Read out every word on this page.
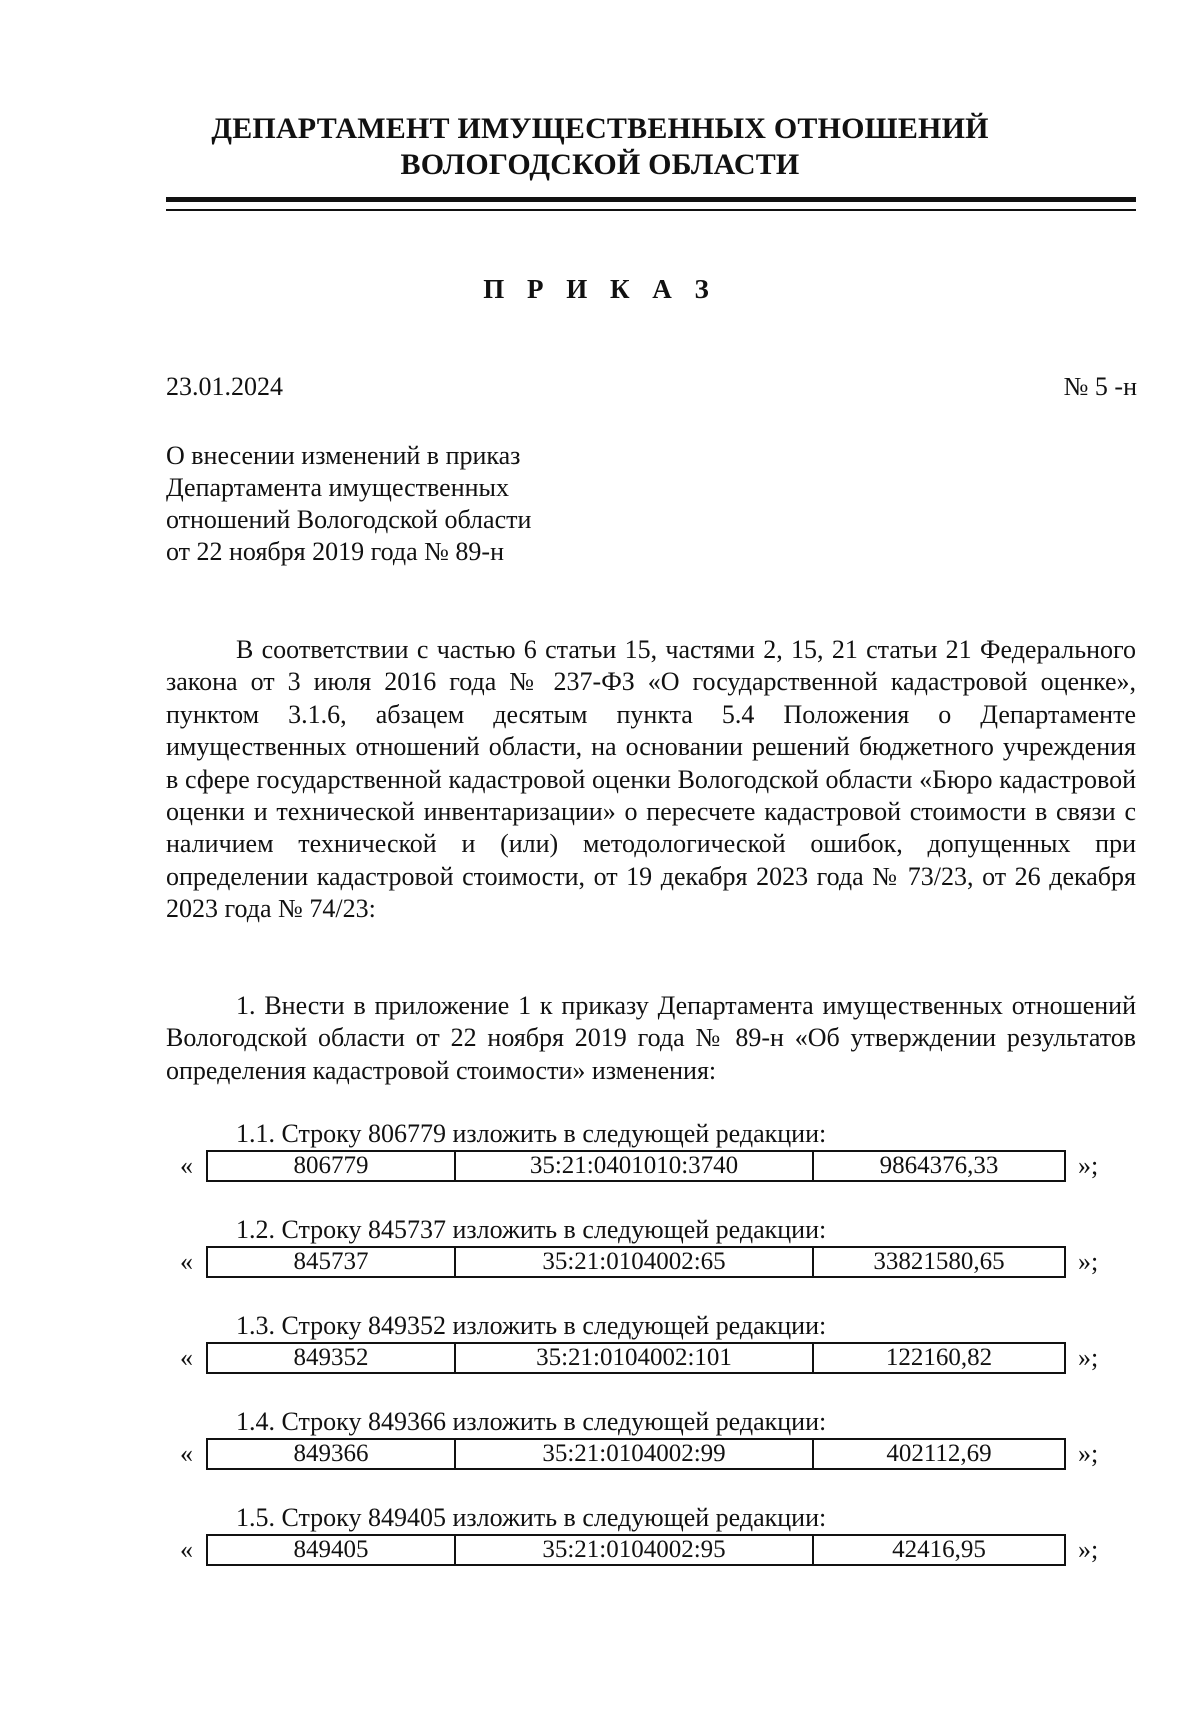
ДЕПАРТАМЕНТ ИМУЩЕСТВЕННЫХ ОТНОШЕНИЙ
ВОЛОГОДСКОЙ ОБЛАСТИ
П Р И К А З
23.01.2024	№ 5 -н
О внесении изменений в приказ
Департамента имущественных
отношений Вологодской области
от 22 ноября 2019 года № 89-н
В соответствии с частью 6 статьи 15, частями 2, 15, 21 статьи 21 Федерального закона от 3 июля 2016 года № 237-ФЗ «О государственной кадастровой оценке», пунктом 3.1.6, абзацем десятым пункта 5.4 Положения о Департаменте имущественных отношений области, на основании решений бюджетного учреждения в сфере государственной кадастровой оценки Вологодской области «Бюро кадастровой оценки и технической инвентаризации» о пересчете кадастровой стоимости в связи с наличием технической и (или) методологической ошибок, допущенных при определении кадастровой стоимости, от 19 декабря 2023 года № 73/23, от 26 декабря 2023 года № 74/23:
1. Внести в приложение 1 к приказу Департамента имущественных отношений Вологодской области от 22 ноября 2019 года № 89-н «Об утверждении результатов определения кадастровой стоимости» изменения:
1.1. Строку 806779 изложить в следующей редакции:
«	806779	35:21:0401010:3740	9864376,33	»;
1.2. Строку 845737 изложить в следующей редакции:
«	845737	35:21:0104002:65	33821580,65	»;
1.3. Строку 849352 изложить в следующей редакции:
«	849352	35:21:0104002:101	122160,82	»;
1.4. Строку 849366 изложить в следующей редакции:
«	849366	35:21:0104002:99	402112,69	»;
1.5. Строку 849405 изложить в следующей редакции:
«	849405	35:21:0104002:95	42416,95	»;
